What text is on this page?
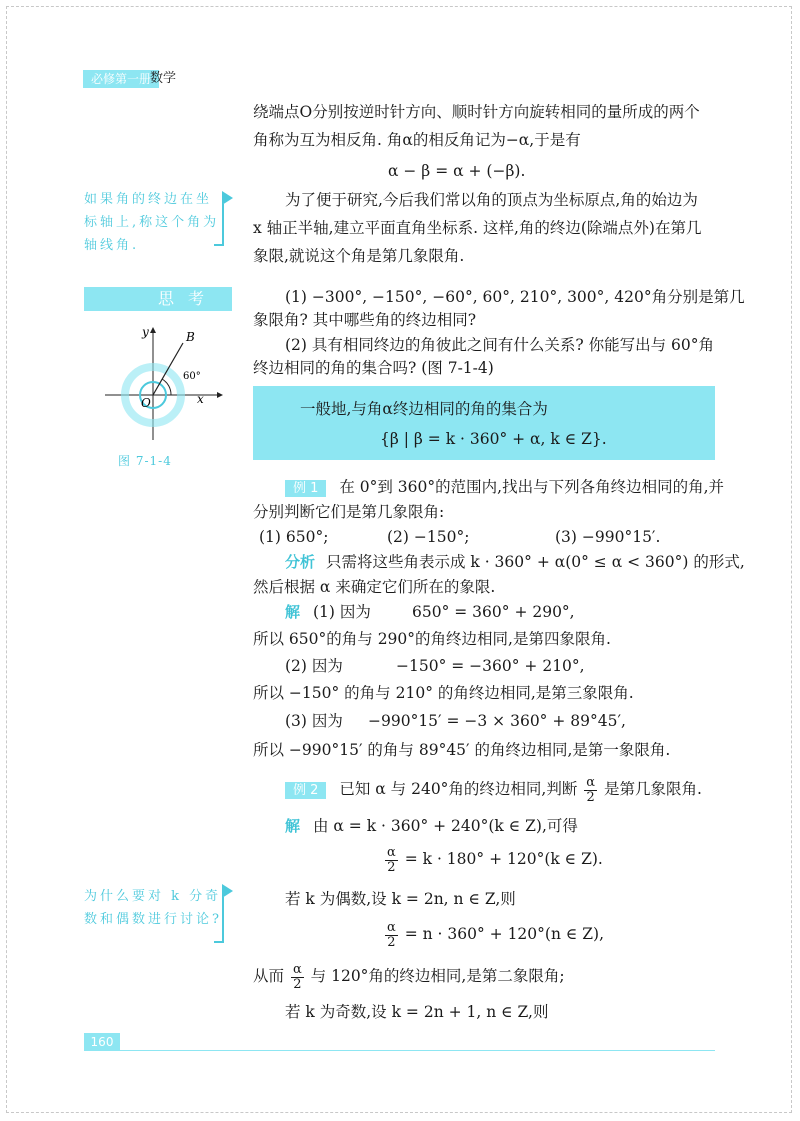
必修第一册
数学
绕端点O分别按逆时针方向、顺时针方向旋转相同的量所成的两个
角称为互为相反角. 角α的相反角记为−α,于是有
α − β = α + (−β).
为了便于研究,今后我们常以角的顶点为坐标原点,角的始边为
x 轴正半轴,建立平面直角坐标系. 这样,角的终边(除端点外)在第几
象限,就说这个角是第几象限角.
如果角的终边在坐标轴上,称这个角为轴线角.
思考	(1) −300°, −150°, −60°, 60°, 210°, 300°, 420°角分别是第几
象限角? 其中哪些角的终边相同?
(2) 具有相同终边的角彼此之间有什么关系? 你能写出与 60°角
终边相同的角的集合吗? (图 7-1-4)
x
y
O
B
60°
图 7-1-4
一般地,与角α终边相同的角的集合为
{β | β = k · 360° + α, k ∈ Z}.
例 1 在 0°到 360°的范围内,找出与下列各角终边相同的角,并
分别判断它们是第几象限角:
(1) 650°;	(2) −150°;	(3) −990°15′.
分析 只需将这些角表示成 k · 360° + α(0° ≤ α < 360°) 的形式,
然后根据 α 来确定它们所在的象限.
解 (1) 因为	650° = 360° + 290°,
所以 650°的角与 290°的角终边相同,是第四象限角.
(2) 因为	−150° = −360° + 210°,
所以 −150° 的角与 210° 的角终边相同,是第三象限角.
(3) 因为 −990°15′ = −3 × 360° + 89°45′,
所以 −990°15′ 的角与 89°45′ 的角终边相同,是第一象限角.
例 2 已知 α 与 240°角的终边相同,判断 $\frac{\alpha}{2}$ 是第几象限角.
解 由 α = k · 360° + 240°(k ∈ Z),可得
$\frac{\alpha}{2} = k \cdot 180^\circ + 120^\circ(k$ ∈ Z).
若 k 为偶数,设 k = 2n, n ∈ Z,则
$\frac{\alpha}{2} = n \cdot 360^\circ + 120^\circ(n$ ∈ Z),
从而 $\frac{\alpha}{2}$ 与 120°角的终边相同,是第二象限角;
若 k 为奇数,设 k = 2n + 1, n ∈ Z,则
为什么要对 k 分奇数和偶数进行讨论?
160
